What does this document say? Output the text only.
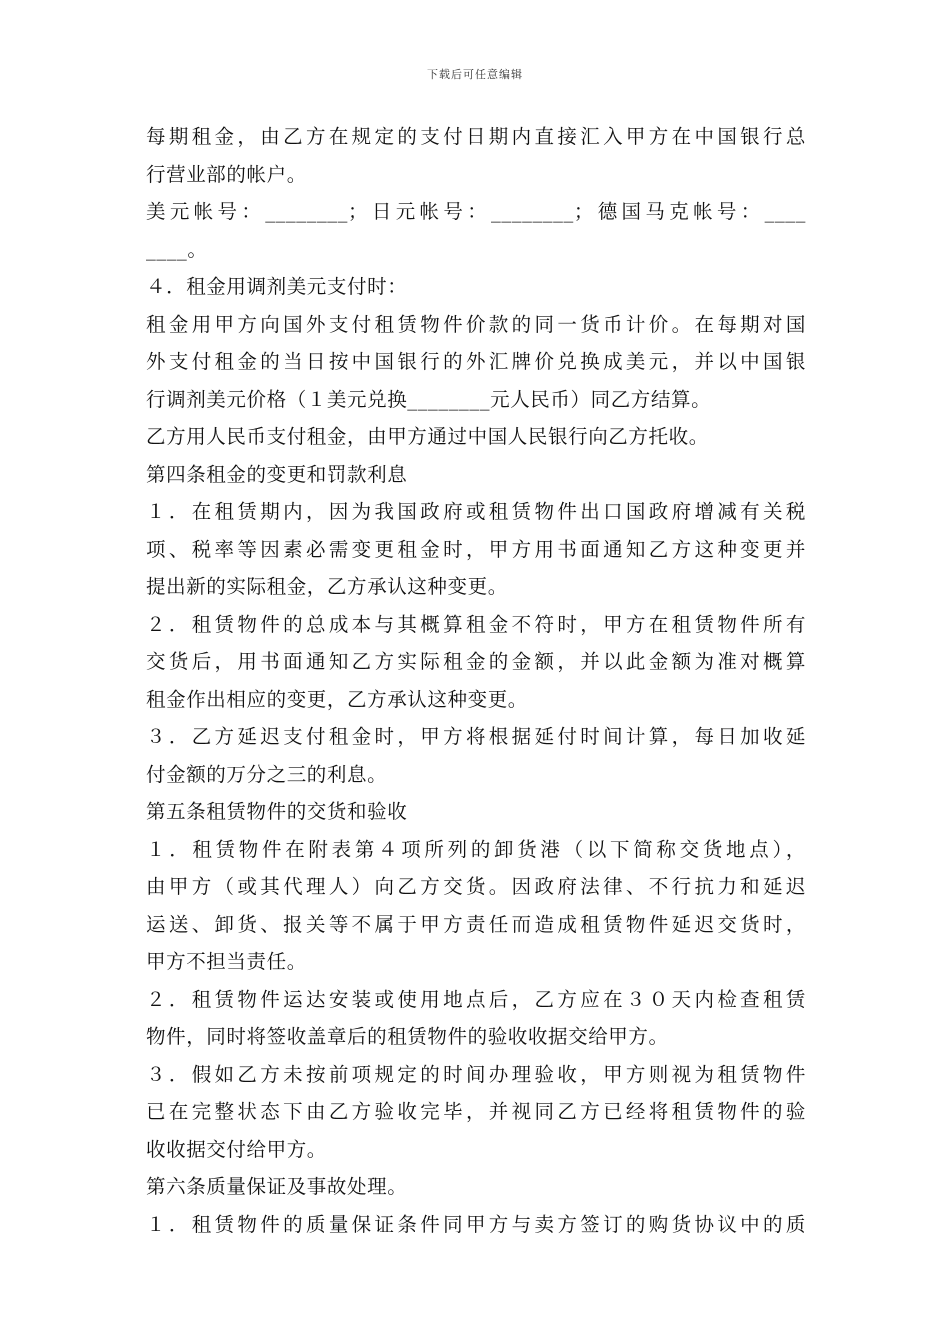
下载后可任意编辑
每期租金，由乙方在规定的支付日期内直接汇入甲方在中国银行总
行营业部的帐户。
美元帐号：________；日元帐号：________；德国马克帐号：____
____。
４．租金用调剂美元支付时：
租金用甲方向国外支付租赁物件价款的同一货币计价。在每期对国
外支付租金的当日按中国银行的外汇牌价兑换成美元，并以中国银
行调剂美元价格（１美元兑换________元人民币）同乙方结算。
乙方用人民币支付租金，由甲方通过中国人民银行向乙方托收。
第四条租金的变更和罚款利息
１．在租赁期内，因为我国政府或租赁物件出口国政府增减有关税
项、税率等因素必需变更租金时，甲方用书面通知乙方这种变更并
提出新的实际租金，乙方承认这种变更。
２．租赁物件的总成本与其概算租金不符时，甲方在租赁物件所有
交货后，用书面通知乙方实际租金的金额，并以此金额为准对概算
租金作出相应的变更，乙方承认这种变更。
３．乙方延迟支付租金时，甲方将根据延付时间计算，每日加收延
付金额的万分之三的利息。
第五条租赁物件的交货和验收
１．租赁物件在附表第４项所列的卸货港（以下简称交货地点），
由甲方（或其代理人）向乙方交货。因政府法律、不行抗力和延迟
运送、卸货、报关等不属于甲方责任而造成租赁物件延迟交货时，
甲方不担当责任。
２．租赁物件运达安装或使用地点后，乙方应在３０天内检查租赁
物件，同时将签收盖章后的租赁物件的验收收据交给甲方。
３．假如乙方未按前项规定的时间办理验收，甲方则视为租赁物件
已在完整状态下由乙方验收完毕，并视同乙方已经将租赁物件的验
收收据交付给甲方。
第六条质量保证及事故处理。
１．租赁物件的质量保证条件同甲方与卖方签订的购货协议中的质
